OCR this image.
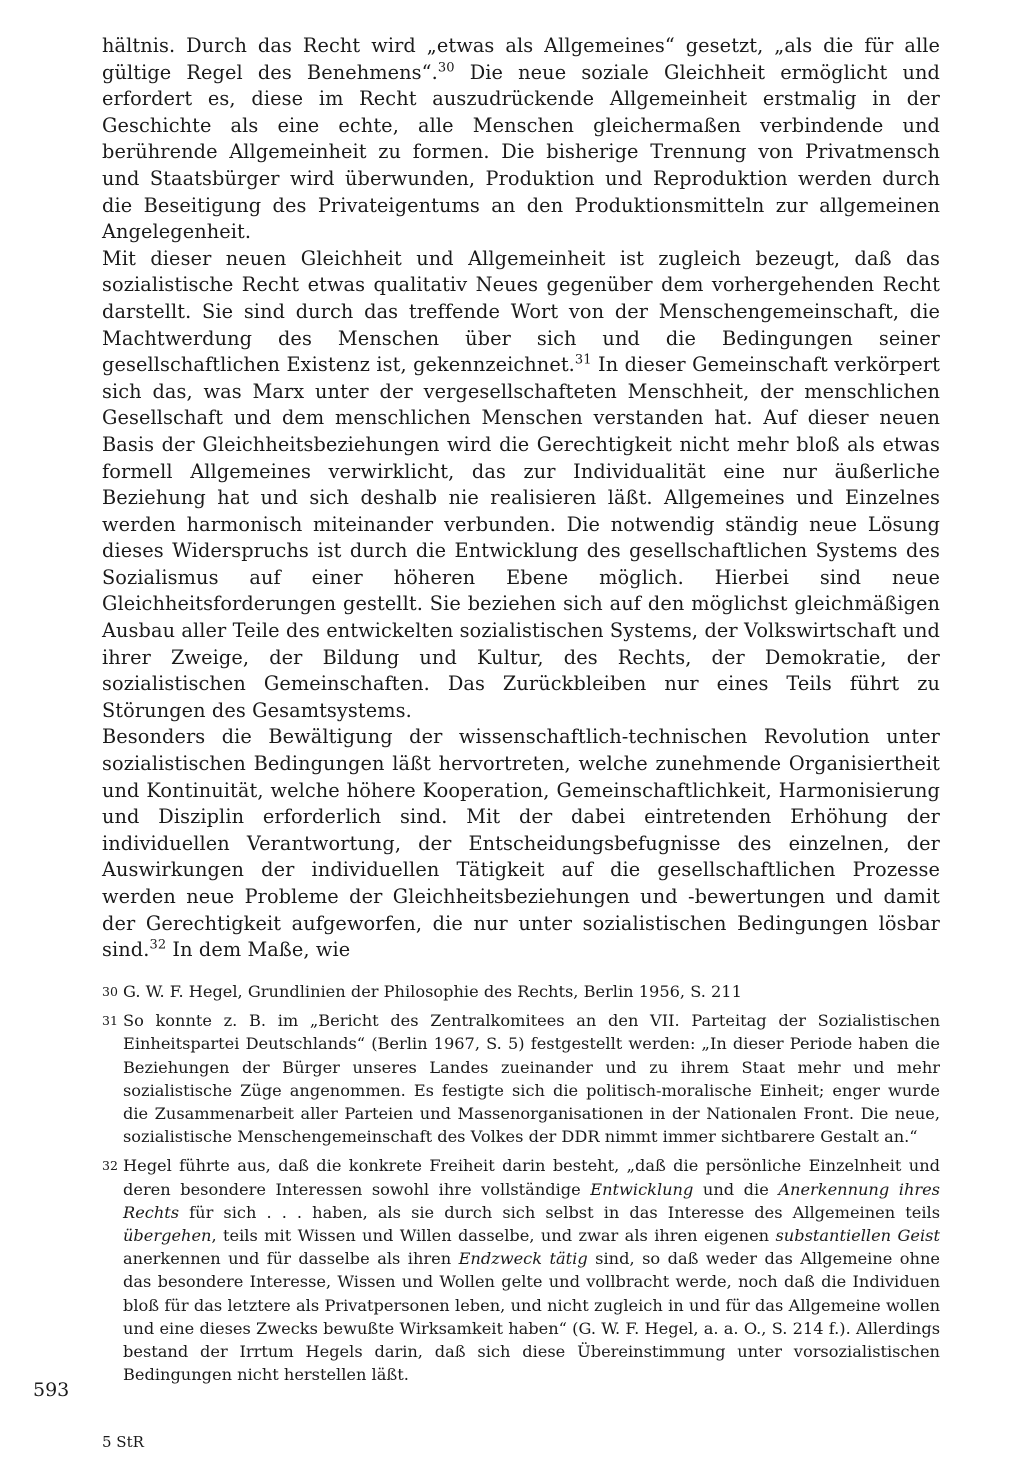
hältnis. Durch das Recht wird „etwas als Allgemeines“ gesetzt, „als die für alle gültige Regel des Benehmens“.$^{30}$ Die neue soziale Gleichheit ermöglicht und erfordert es, diese im Recht auszudrückende Allgemeinheit erstmalig in der Geschichte als eine echte, alle Menschen gleichermaßen verbindende und berührende Allgemeinheit zu formen. Die bisherige Trennung von Privatmensch und Staatsbürger wird überwunden, Produktion und Reproduktion werden durch die Beseitigung des Privateigentums an den Produktionsmitteln zur allgemeinen Angelegenheit.

Mit dieser neuen Gleichheit und Allgemeinheit ist zugleich bezeugt, daß das sozialistische Recht etwas qualitativ Neues gegenüber dem vorhergehenden Recht darstellt. Sie sind durch das treffende Wort von der Menschengemeinschaft, die Machtwerdung des Menschen über sich und die Bedingungen seiner gesellschaftlichen Existenz ist, gekennzeichnet.$^{31}$ In dieser Gemeinschaft verkörpert sich das, was Marx unter der vergesellschafteten Menschheit, der menschlichen Gesellschaft und dem menschlichen Menschen verstanden hat. Auf dieser neuen Basis der Gleichheitsbeziehungen wird die Gerechtigkeit nicht mehr bloß als etwas formell Allgemeines verwirklicht, das zur Individualität eine nur äußerliche Beziehung hat und sich deshalb nie realisieren läßt. Allgemeines und Einzelnes werden harmonisch miteinander verbunden. Die notwendig ständig neue Lösung dieses Widerspruchs ist durch die Entwicklung des gesellschaftlichen Systems des Sozialismus auf einer höheren Ebene möglich. Hierbei sind neue Gleichheitsforderungen gestellt. Sie beziehen sich auf den möglichst gleichmäßigen Ausbau aller Teile des entwickelten sozialistischen Systems, der Volkswirtschaft und ihrer Zweige, der Bildung und Kultur, des Rechts, der Demokratie, der sozialistischen Gemeinschaften. Das Zurückbleiben nur eines Teils führt zu Störungen des Gesamtsystems.

Besonders die Bewältigung der wissenschaftlich-technischen Revolution unter sozialistischen Bedingungen läßt hervortreten, welche zunehmende Organisiertheit und Kontinuität, welche höhere Kooperation, Gemeinschaftlichkeit, Harmonisierung und Disziplin erforderlich sind. Mit der dabei eintretenden Erhöhung der individuellen Verantwortung, der Entscheidungsbefugnisse des einzelnen, der Auswirkungen der individuellen Tätigkeit auf die gesellschaftlichen Prozesse werden neue Probleme der Gleichheitsbeziehungen und -bewertungen und damit der Gerechtigkeit aufgeworfen, die nur unter sozialistischen Bedingungen lösbar sind.$^{32}$ In dem Maße, wie

30 G. W. F. Hegel, Grundlinien der Philosophie des Rechts, Berlin 1956, S. 211
31 So konnte z. B. im „Bericht des Zentralkomitees an den VII. Parteitag der Sozialistischen Einheitspartei Deutschlands“ (Berlin 1967, S. 5) festgestellt werden: „In dieser Periode haben die Beziehungen der Bürger unseres Landes zueinander und zu ihrem Staat mehr und mehr sozialistische Züge angenommen. Es festigte sich die politisch-moralische Einheit; enger wurde die Zusammenarbeit aller Parteien und Massenorganisationen in der Nationalen Front. Die neue, sozialistische Menschengemeinschaft des Volkes der DDR nimmt immer sichtbarere Gestalt an.“
32 Hegel führte aus, daß die konkrete Freiheit darin besteht, „daß die persönliche Einzelnheit und deren besondere Interessen sowohl ihre vollständige Entwicklung und die Anerkennung ihres Rechts für sich . . . haben, als sie durch sich selbst in das Interesse des Allgemeinen teils übergehen, teils mit Wissen und Willen dasselbe, und zwar als ihren eigenen substantiellen Geist anerkennen und für dasselbe als ihren Endzweck tätig sind, so daß weder das Allgemeine ohne das besondere Interesse, Wissen und Wollen gelte und vollbracht werde, noch daß die Individuen bloß für das letztere als Privatpersonen leben, und nicht zugleich in und für das Allgemeine wollen und eine dieses Zwecks bewußte Wirksamkeit haben“ (G. W. F. Hegel, a. a. O., S. 214 f.). Allerdings bestand der Irrtum Hegels darin, daß sich diese Übereinstimmung unter vorsozialistischen Bedingungen nicht herstellen läßt.
593
5 StR
